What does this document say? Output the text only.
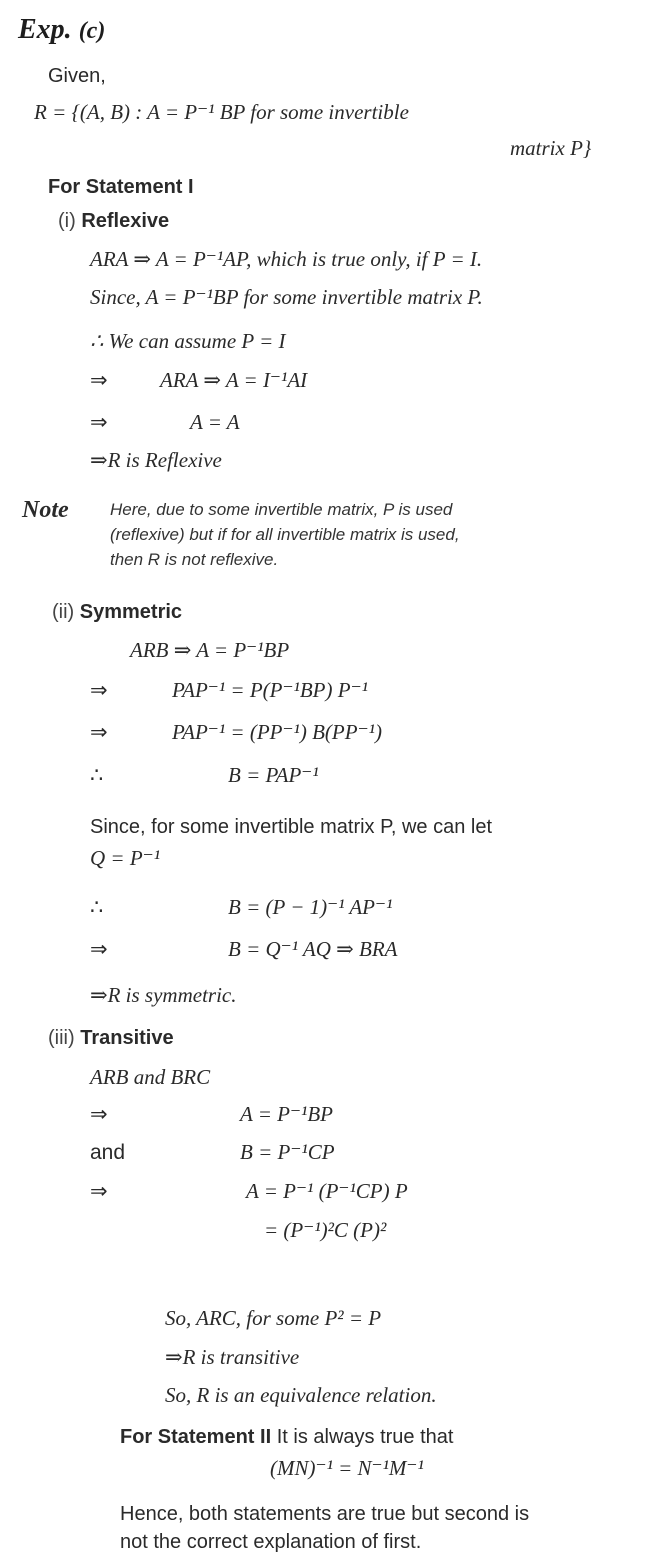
Exp. (c)
Given,
R = {(A, B) : A = P⁻¹ BP for some invertible
matrix P}
For Statement I
(i) Reflexive
ARA ⇒ A = P⁻¹AP, which is true only, if P = I.
Since, A = P⁻¹BP for some invertible matrix P.
∴ We can assume P = I
⇒ ARA ⇒ A = I⁻¹AI
⇒	A = A
⇒R is Reflexive
Note Here, due to some invertible matrix, P is used
(reflexive) but if for all invertible matrix is used,
then R is not reflexive.
(ii) Symmetric
ARB ⇒ A = P⁻¹BP
⇒	PAP⁻¹ = P(P⁻¹BP) P⁻¹
⇒	PAP⁻¹ = (PP⁻¹) B(PP⁻¹)
∴	B = PAP⁻¹
Since, for some invertible matrix P, we can let
Q = P⁻¹
∴	B = (P − 1)⁻¹ AP⁻¹
⇒	B = Q⁻¹ AQ ⇒ BRA
⇒R is symmetric.
(iii) Transitive
ARB and BRC
⇒	A = P⁻¹BP
and	B = P⁻¹CP
⇒	A = P⁻¹ (P⁻¹CP) P
= (P⁻¹)²C (P)²
So, ARC, for some P² = P
⇒R is transitive
So, R is an equivalence relation.
For Statement II It is always true that
(MN)⁻¹ = N⁻¹M⁻¹
Hence, both statements are true but second is
not the correct explanation of first.
